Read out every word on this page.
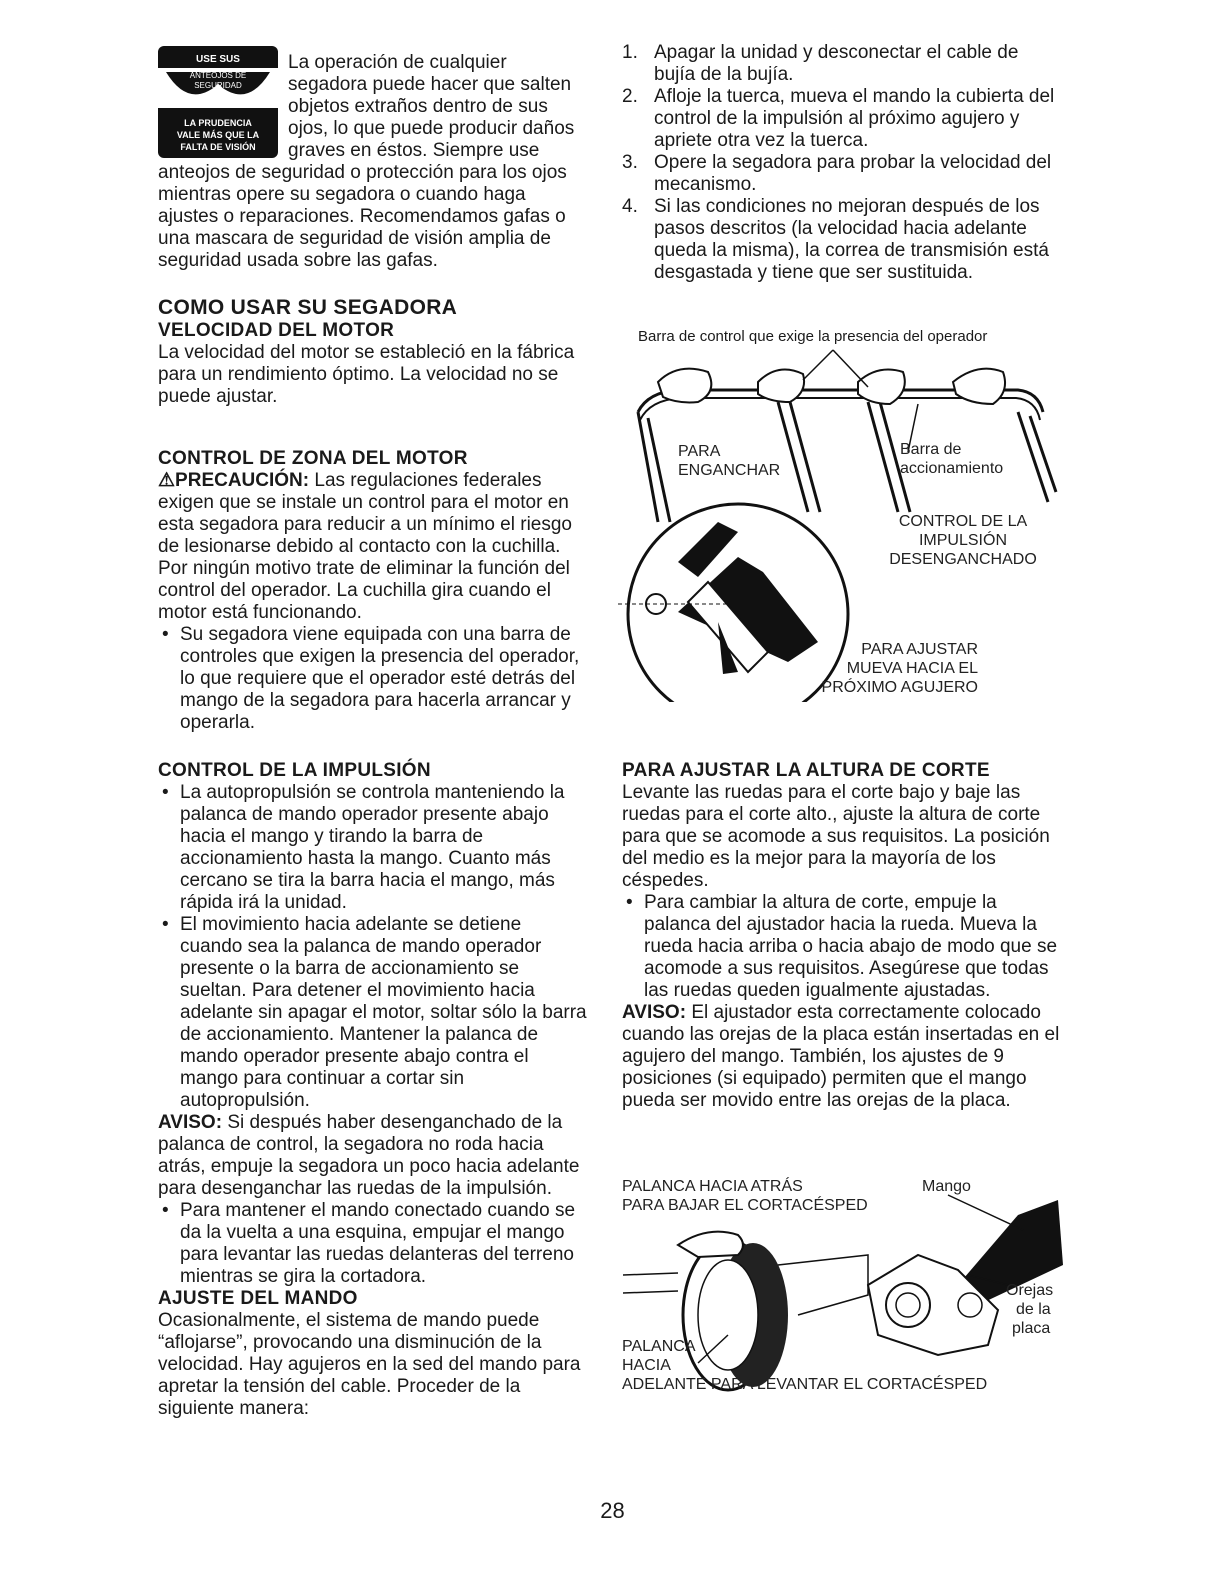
USE SUS
ANTEOJOS DE
SEGURIDAD
LA PRUDENCIA
VALE MÁS QUE LA
FALTA DE VISIÓN

La operación de cualquier segadora puede hacer que salten objetos extraños dentro de sus ojos, lo que puede producir daños graves en éstos. Siempre use anteojos de seguridad o protección para los ojos mientras opere su segadora o cuando haga ajustes o reparaciones. Recomendamos gafas o una mascara de seguridad de visión amplia de seguridad usada sobre las gafas.

COMO USAR SU SEGADORA

VELOCIDAD DEL MOTOR

La velocidad del motor se estableció en la fábrica para un rendimiento óptimo. La velocidad no se puede ajustar.

CONTROL DE ZONA DEL MOTOR

⚠PRECAUCIÓN: Las regulaciones federales exigen que se instale un control para el motor en esta segadora para reducir a un mínimo el riesgo de lesionarse debido al contacto con la cuchilla. Por ningún motivo trate de eliminar la función del control del operador. La cuchilla gira cuando el motor está funcionando.

• Su segadora viene equipada con una barra de controles que exigen la presencia del operador, lo que requiere que el operador esté detrás del mango de la segadora para hacerla arrancar y operarla.

CONTROL DE LA IMPULSIÓN

• La autopropulsión se controla manteniendo la palanca de mando operador presente abajo hacia el mango y tirando la barra de accionamiento hasta la mango. Cuanto más cercano se tira la barra hacia el mango, más rápida irá la unidad.

• El movimiento hacia adelante se detiene cuando sea la palanca de mando operador presente o la barra de accionamiento se sueltan. Para detener el movimiento hacia adelante sin apagar el motor, soltar sólo la barra de accionamiento. Mantener la palanca de mando operador presente abajo contra el mango para continuar a cortar sin autopropulsión.

AVISO: Si después haber desenganchado de la palanca de control, la segadora no roda hacia atrás, empuje la segadora un poco hacia adelante para desenganchar las ruedas de la impulsión.

• Para mantener el mando conectado cuando se da la vuelta a una esquina, empujar el mango para levantar las ruedas delanteras del terreno mientras se gira la cortadora.

AJUSTE DEL MANDO

Ocasionalmente, el sistema de mando puede “aflojarse”, provocando una disminución de la velocidad. Hay agujeros en la sed del mando para apretar la tensión del cable. Proceder de la siguiente manera:

1. Apagar la unidad y desconectar el cable de bujía de la bujía.

2. Afloje la tuerca, mueva el mando la cubierta del control de la impulsión al próximo agujero y apriete otra vez la tuerca.

3. Opere la segadora para probar la velocidad del mecanismo.

4. Si las condiciones no mejoran después de los pasos descritos (la velocidad hacia adelante queda la misma), la correa de transmisión está desgastada y tiene que ser sustituida.

Barra de control que exige la presencia del operador
PARA
ENGANCHAR
Barra de
accionamiento
CONTROL DE LA
IMPULSIÓN
DESENGANCHADO
PARA AJUSTAR
MUEVA HACIA EL
PRÓXIMO AGUJERO

PARA AJUSTAR LA ALTURA DE CORTE

Levante las ruedas para el corte bajo y baje las ruedas para el corte alto., ajuste la altura de corte para que se acomode a sus requisitos. La posición del medio es la mejor para la mayoría de los céspedes.

• Para cambiar la altura de corte, empuje la palanca del ajustador hacia la rueda. Mueva la rueda hacia arriba o hacia abajo de modo que se acomode a sus requisitos. Asegúrese que todas las ruedas queden igualmente ajustadas.

AVISO: El ajustador esta correctamente colocado cuando las orejas de la placa están insertadas en el agujero del mango. También, los ajustes de 9 posiciones (si equipado) permiten que el mango pueda ser movido entre las orejas de la placa.

PALANCA HACIA ATRÁS
PARA BAJAR EL CORTACÉSPED
Mango
Orejas
de la
placa
PALANCA
HACIA
ADELANTE PARA LEVANTAR EL CORTACÉSPED
28
